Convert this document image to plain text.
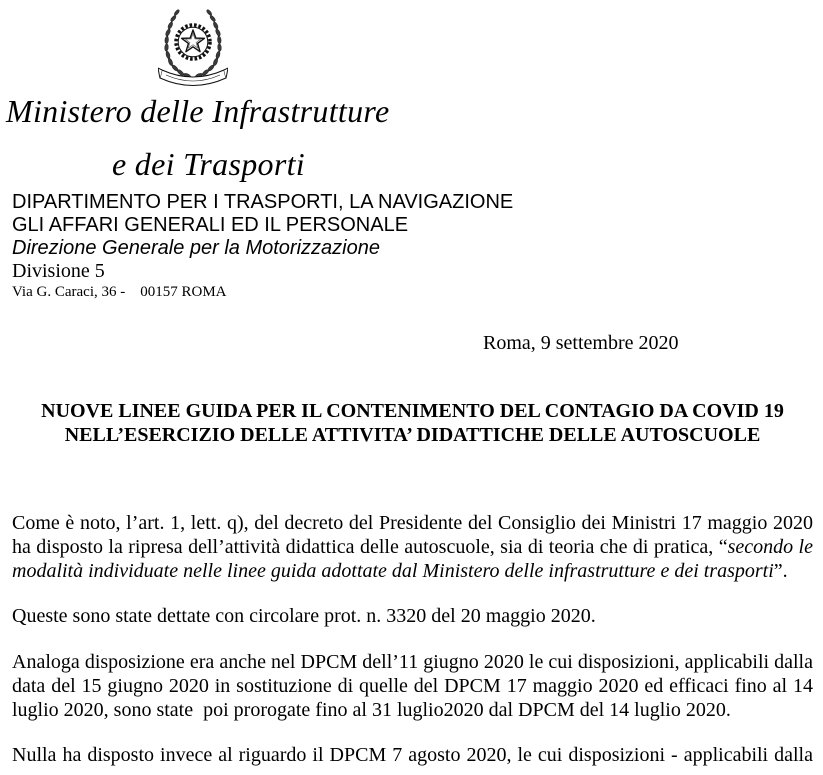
Ministero delle Infrastrutture
e dei Trasporti
DIPARTIMENTO PER I TRASPORTI, LA NAVIGAZIONE
GLI AFFARI GENERALI ED IL PERSONALE
Direzione Generale per la Motorizzazione
Divisione 5
Via G. Caraci, 36 -    00157 ROMA
Roma, 9 settembre 2020
NUOVE LINEE GUIDA PER IL CONTENIMENTO DEL CONTAGIO DA COVID 19
NELL’ESERCIZIO DELLE ATTIVITA’ DIDATTICHE DELLE AUTOSCUOLE
Come è noto, l’art. 1, lett. q), del decreto del Presidente del Consiglio dei Ministri 17 maggio 2020
ha disposto la ripresa dell’attività didattica delle autoscuole, sia di teoria che di pratica, “secondo le
modalità individuate nelle linee guida adottate dal Ministero delle infrastrutture e dei trasporti”.
Queste sono state dettate con circolare prot. n. 3320 del 20 maggio 2020.
Analoga disposizione era anche nel DPCM dell’11 giugno 2020 le cui disposizioni, applicabili dalla
data del 15 giugno 2020 in sostituzione di quelle del DPCM 17 maggio 2020 ed efficaci fino al 14
luglio 2020, sono state  poi prorogate fino al 31 luglio2020 dal DPCM del 14 luglio 2020.
Nulla ha disposto invece al riguardo il DPCM 7 agosto 2020, le cui disposizioni - applicabili dalla
